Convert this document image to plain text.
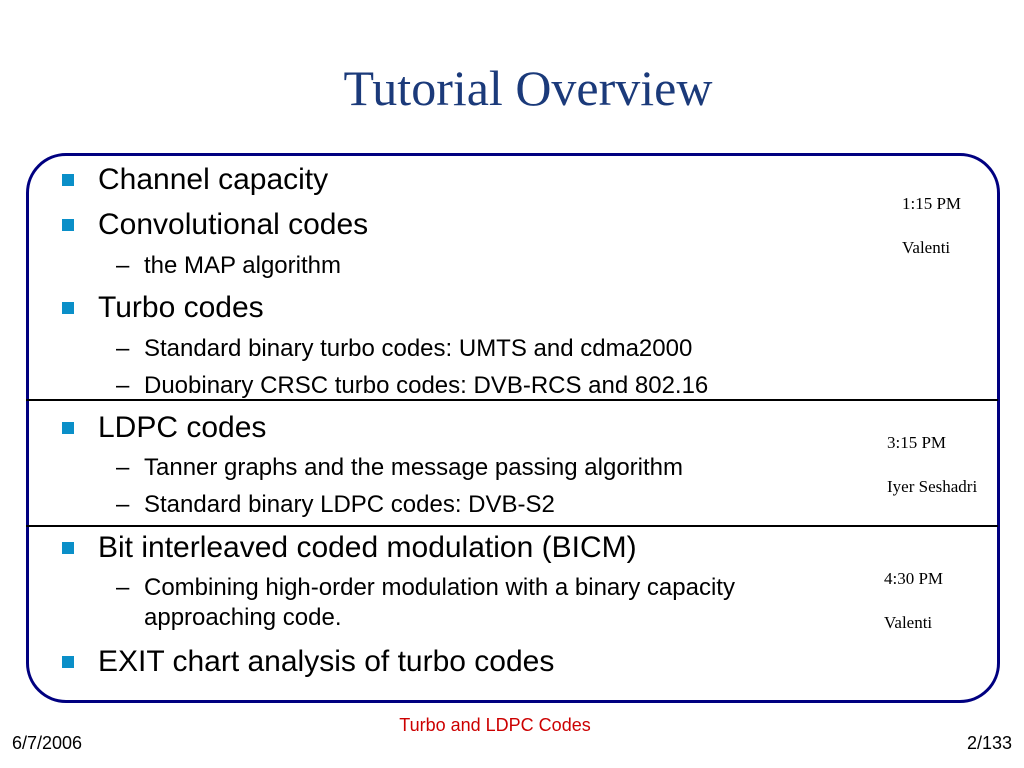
Tutorial Overview
Channel capacity
Convolutional codes
– the MAP algorithm
Turbo codes
– Standard binary turbo codes: UMTS and cdma2000
– Duobinary CRSC turbo codes: DVB-RCS and 802.16
LDPC codes
– Tanner graphs and the message passing algorithm
– Standard binary LDPC codes: DVB-S2
Bit interleaved coded modulation (BICM)
– Combining high-order modulation with a binary capacity
approaching code.
EXIT chart analysis of turbo codes

1:15 PM

Valenti

3:15 PM

Iyer Seshadri

4:30 PM

Valenti

6/7/2006
Turbo and LDPC Codes
2/133
